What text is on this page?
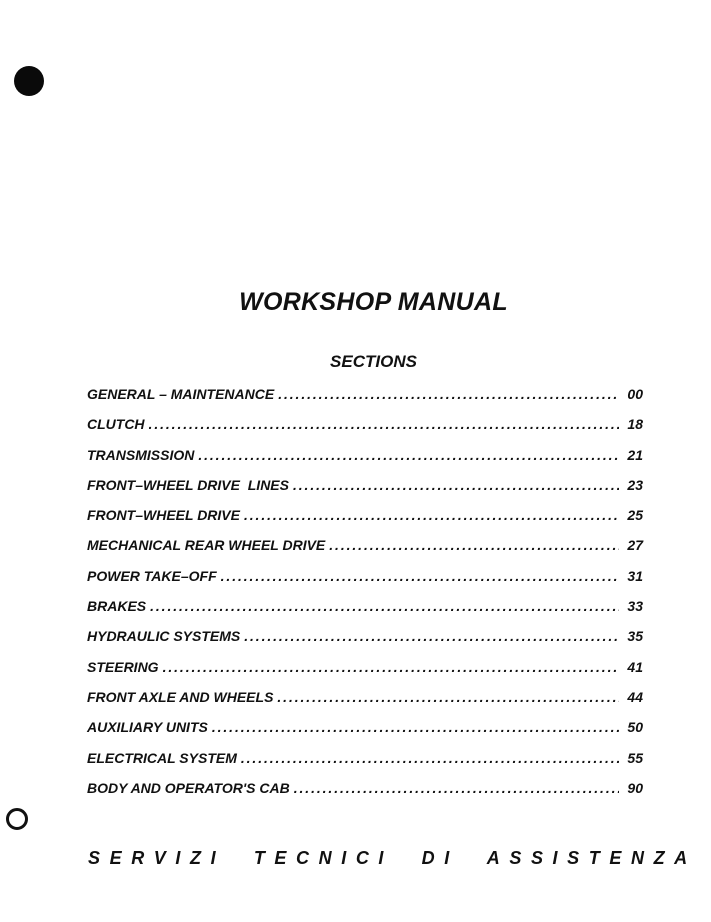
WORKSHOP MANUAL
SECTIONS
GENERAL – MAINTENANCE . . .	00
CLUTCH . . .	18
TRANSMISSION . . .	21
FRONT–WHEEL DRIVE  LINES . . .	23
FRONT–WHEEL DRIVE . . .	25
MECHANICAL REAR WHEEL DRIVE . . .	27
POWER TAKE–OFF . . .	31
BRAKES . . .	33
HYDRAULIC SYSTEMS . . .	35
STEERING . . .	41
FRONT AXLE AND WHEELS . . .	44
AUXILIARY UNITS . . .	50
ELECTRICAL SYSTEM . . .	55
BODY AND OPERATOR'S CAB . . .	90
SERVIZI TECNICI DI ASSISTENZA
